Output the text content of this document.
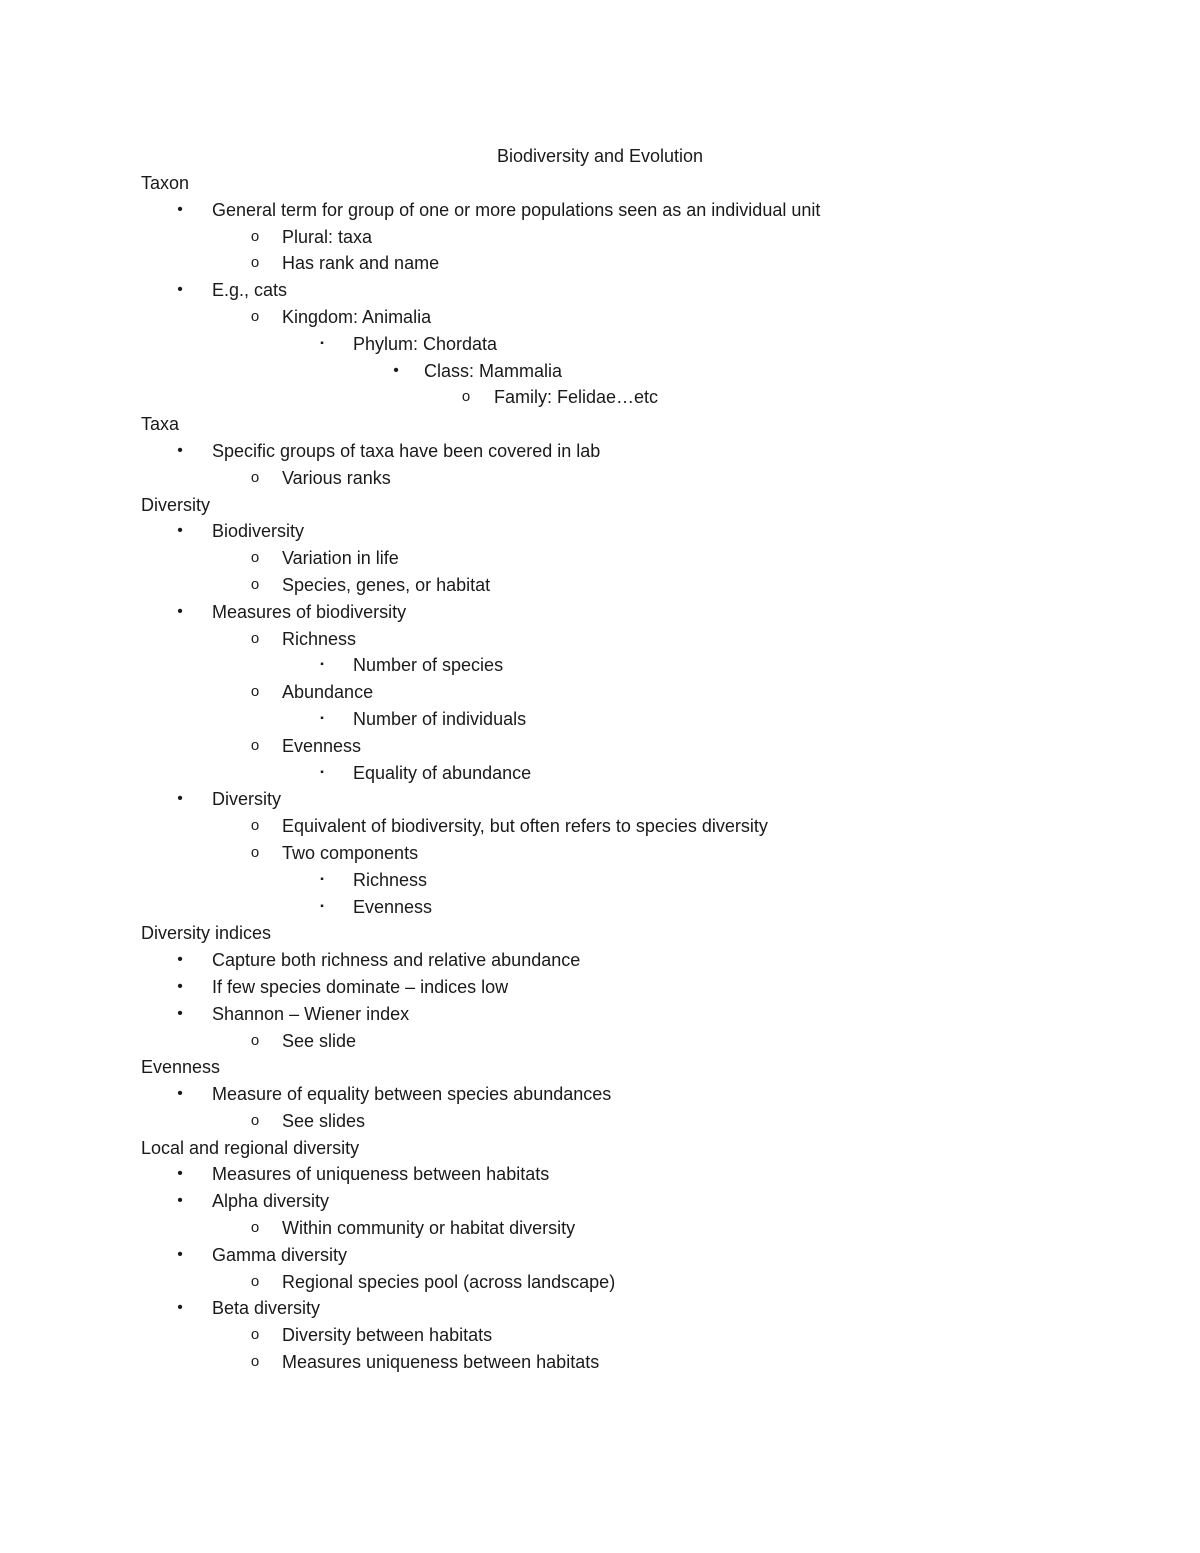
Biodiversity and Evolution
Taxon
•	General term for group of one or more populations seen as an individual unit
o	Plural: taxa
o	Has rank and name
•	E.g., cats
o	Kingdom: Animalia
▪	Phylum: Chordata
•	Class: Mammalia
o	Family: Felidae…etc
Taxa
•	Specific groups of taxa have been covered in lab
o	Various ranks
Diversity
•	Biodiversity
o	Variation in life
o	Species, genes, or habitat
•	Measures of biodiversity
o	Richness
▪	Number of species
o	Abundance
▪	Number of individuals
o	Evenness
▪	Equality of abundance
•	Diversity
o	Equivalent of biodiversity, but often refers to species diversity
o	Two components
▪	Richness
▪	Evenness
Diversity indices
•	Capture both richness and relative abundance
•	If few species dominate – indices low
•	Shannon – Wiener index
o	See slide
Evenness
•	Measure of equality between species abundances
o	See slides
Local and regional diversity
•	Measures of uniqueness between habitats
•	Alpha diversity
o	Within community or habitat diversity
•	Gamma diversity
o	Regional species pool (across landscape)
•	Beta diversity
o	Diversity between habitats
o	Measures uniqueness between habitats
